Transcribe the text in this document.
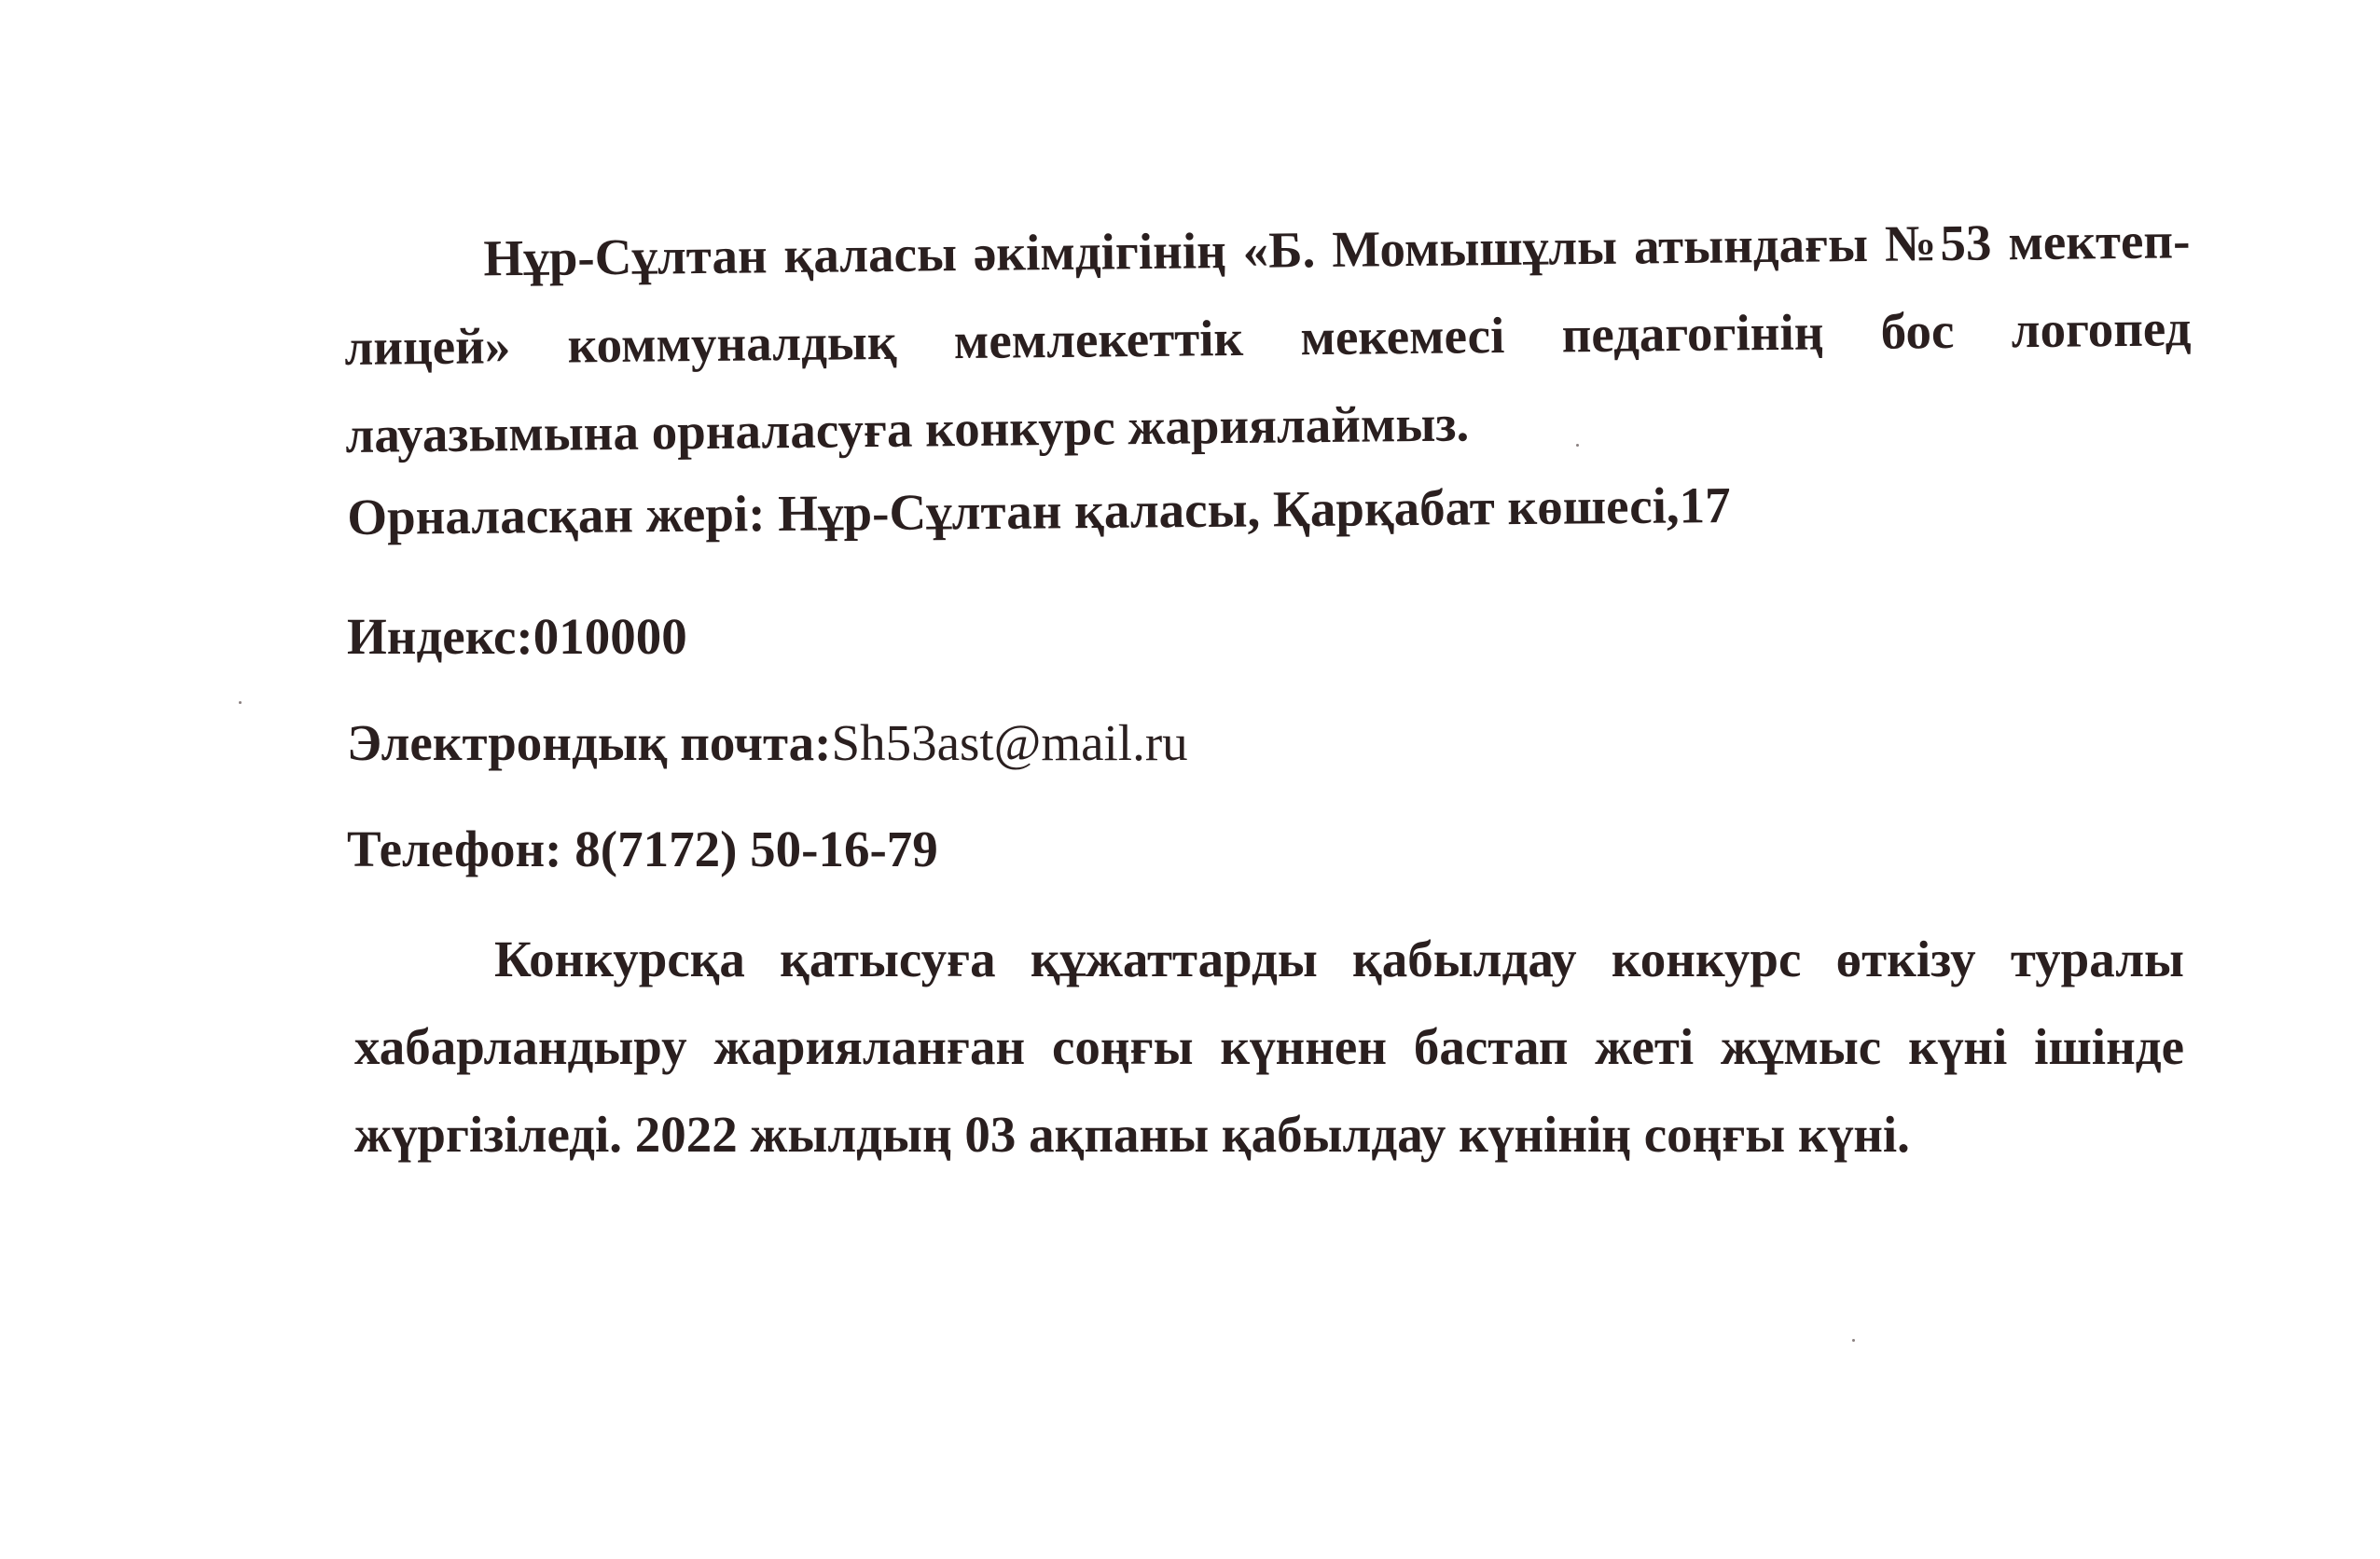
Нұр-Сұлтан қаласы әкімдігінің «Б. Момышұлы атындағы №53 мектеп-лицей» коммуналдық мемлекеттік мекемесі педагогінің бос логопед лауазымына орналасуға конкурс жариялаймыз.
Орналасқан жері: Нұр-Сұлтан қаласы, Қарқабат көшесі,17
Индекс:010000
Электрондық почта:Sh53ast@mail.ru
Телефон: 8(7172) 50-16-79
Конкурсқа қатысуға құжаттарды қабылдау конкурс өткізу туралы хабарландыру жарияланған соңғы күннен бастап жеті жұмыс күні ішінде жүргізіледі. 2022 жылдың 03 ақпаны қабылдау күнінің соңғы күні.
